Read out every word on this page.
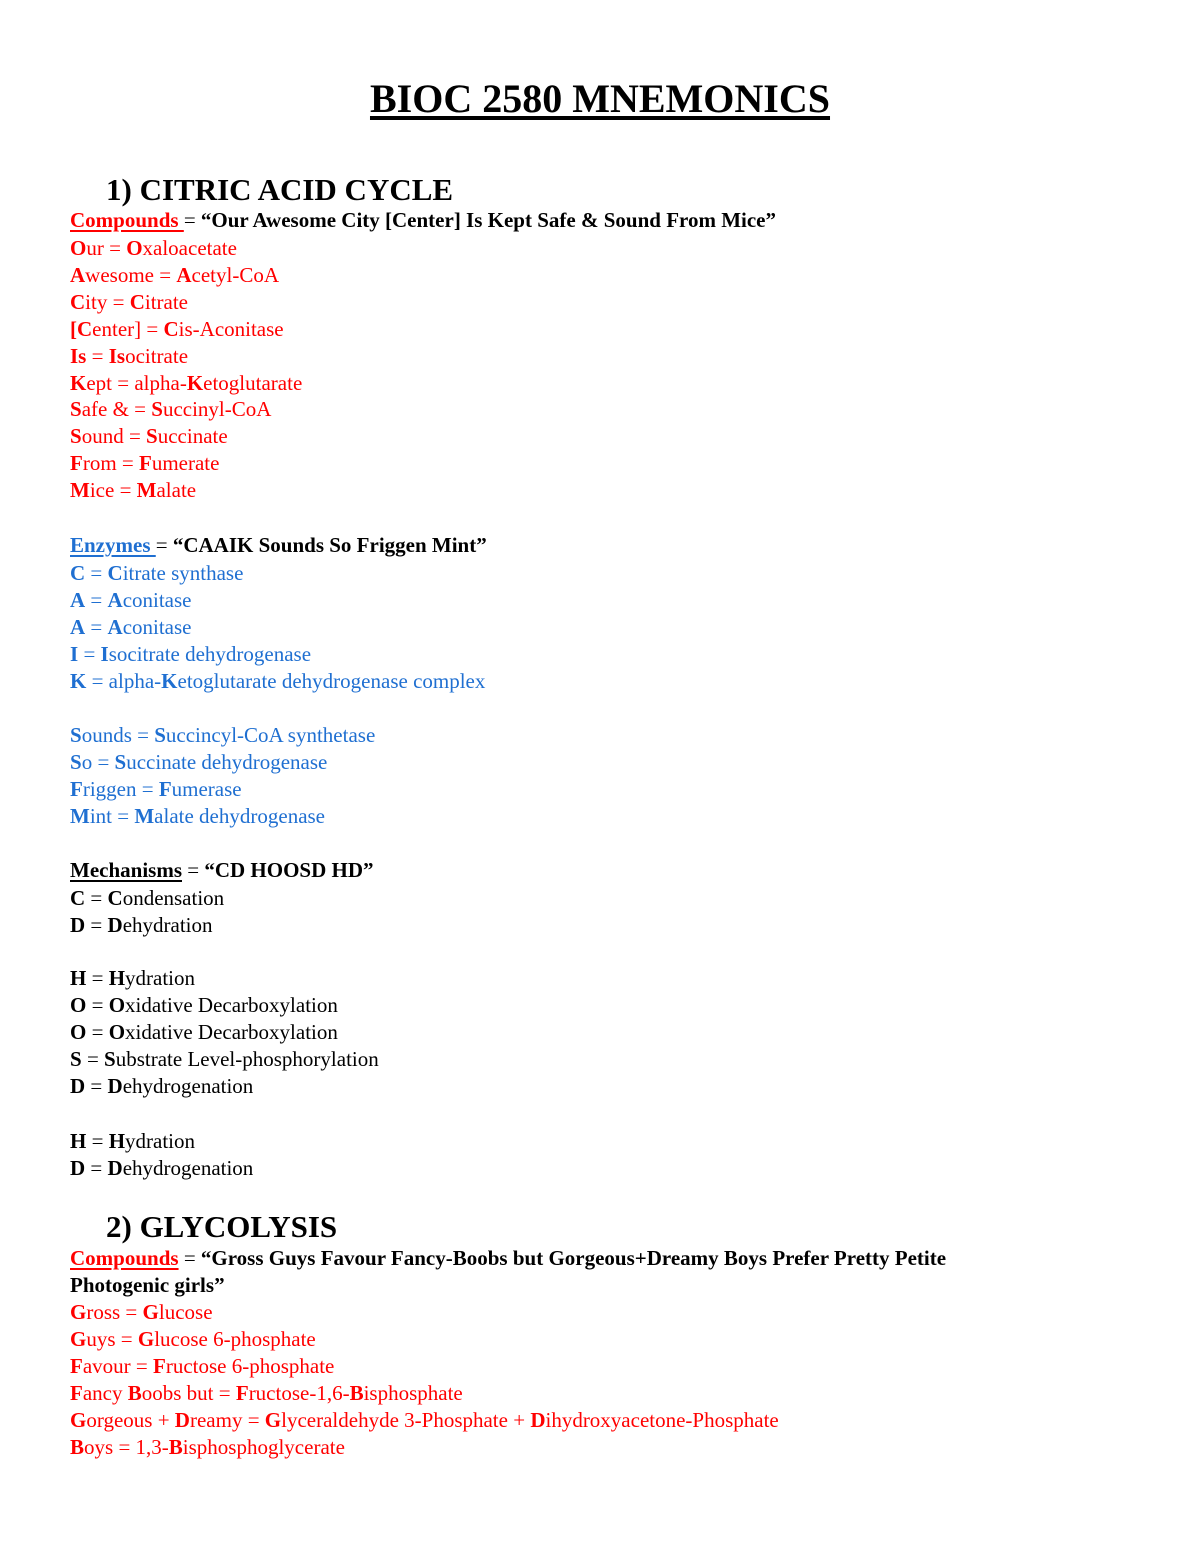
BIOC 2580 MNEMONICS
1) CITRIC ACID CYCLE
Compounds = “Our Awesome City [Center] Is Kept Safe & Sound From Mice”
Our = Oxaloacetate
Awesome = Acetyl-CoA
City = Citrate
[Center] = Cis-Aconitase
Is = Isocitrate
Kept = alpha-Ketoglutarate
Safe & = Succinyl-CoA
Sound = Succinate
From = Fumerate
Mice = Malate
Enzymes = “CAAIK Sounds So Friggen Mint”
C = Citrate synthase
A = Aconitase
A = Aconitase
I = Isocitrate dehydrogenase
K = alpha-Ketoglutarate dehydrogenase complex
Sounds = Succincyl-CoA synthetase
So = Succinate dehydrogenase
Friggen = Fumerase
Mint = Malate dehydrogenase
Mechanisms = “CD HOOSD HD”
C = Condensation
D = Dehydration
H = Hydration
O = Oxidative Decarboxylation
O = Oxidative Decarboxylation
S = Substrate Level-phosphorylation
D = Dehydrogenation
H = Hydration
D = Dehydrogenation
2) GLYCOLYSIS
Compounds = “Gross Guys Favour Fancy-Boobs but Gorgeous+Dreamy Boys Prefer Pretty Petite
Photogenic girls”
Gross = Glucose
Guys = Glucose 6-phosphate
Favour = Fructose 6-phosphate
Fancy Boobs but = Fructose-1,6-Bisphosphate
Gorgeous + Dreamy = Glyceraldehyde 3-Phosphate + Dihydroxyacetone-Phosphate
Boys = 1,3-Bisphosphoglycerate
